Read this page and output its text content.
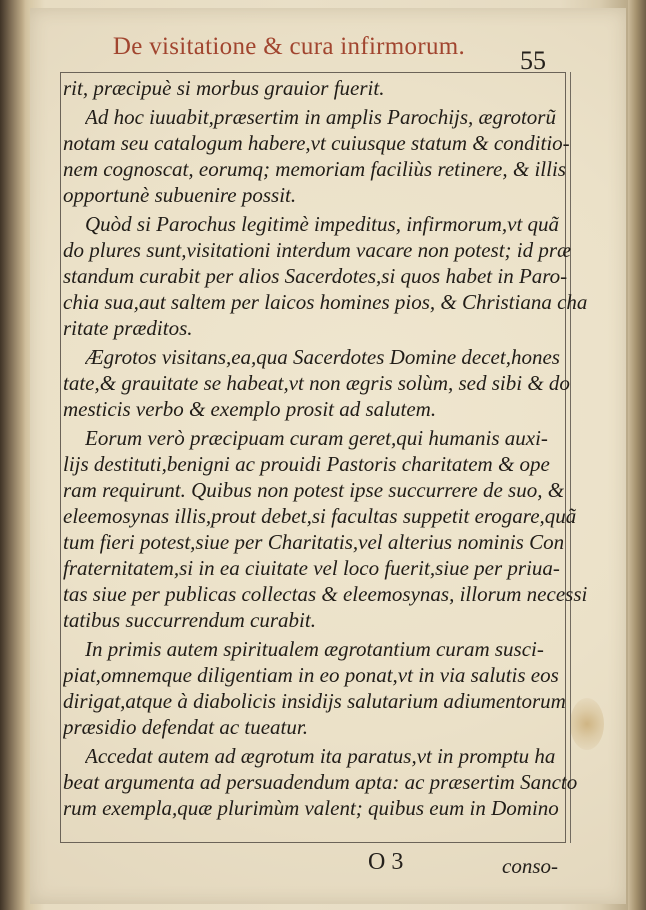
De visitatione & cura infirmorum.	55
rit, præcipuè si morbus grauior fuerit.
Ad hoc iuuabit,præsertim in amplis Parochijs, ægrotorũ
notam seu catalogum habere,vt cuiusque statum & conditio-
nem cognoscat, eorumq; memoriam faciliùs retinere, & illis
opportunè subuenire possit.
Quòd si Parochus legitimè impeditus, infirmorum,vt quã
do plures sunt,visitationi interdum vacare non potest; id præ
standum curabit per alios Sacerdotes,si quos habet in Paro-
chia sua,aut saltem per laicos homines pios, & Christiana cha
ritate præditos.
Ægrotos visitans,ea,qua Sacerdotes Domine decet,hones
tate,& grauitate se habeat,vt non ægris solùm, sed sibi & do
mesticis verbo & exemplo prosit ad salutem.
Eorum verò præcipuam curam geret,qui humanis auxi-
lijs destituti,benigni ac prouidi Pastoris charitatem & ope
ram requirunt. Quibus non potest ipse succurrere de suo, &
eleemosynas illis,prout debet,si facultas suppetit erogare,quã
tum fieri potest,siue per Charitatis,vel alterius nominis Con
fraternitatem,si in ea ciuitate vel loco fuerit,siue per priua-
tas siue per publicas collectas & eleemosynas, illorum necessi
tatibus succurrendum curabit.
In primis autem spiritualem ægrotantium curam susci-
piat,omnemque diligentiam in eo ponat,vt in via salutis eos
dirigat,atque à diabolicis insidijs salutarium adiumentorum
præsidio defendat ac tueatur.
Accedat autem ad ægrotum ita paratus,vt in promptu ha
beat argumenta ad persuadendum apta: ac præsertim Sancto
rum exempla,quæ plurimùm valent; quibus eum in Domino
O 3	conso-
